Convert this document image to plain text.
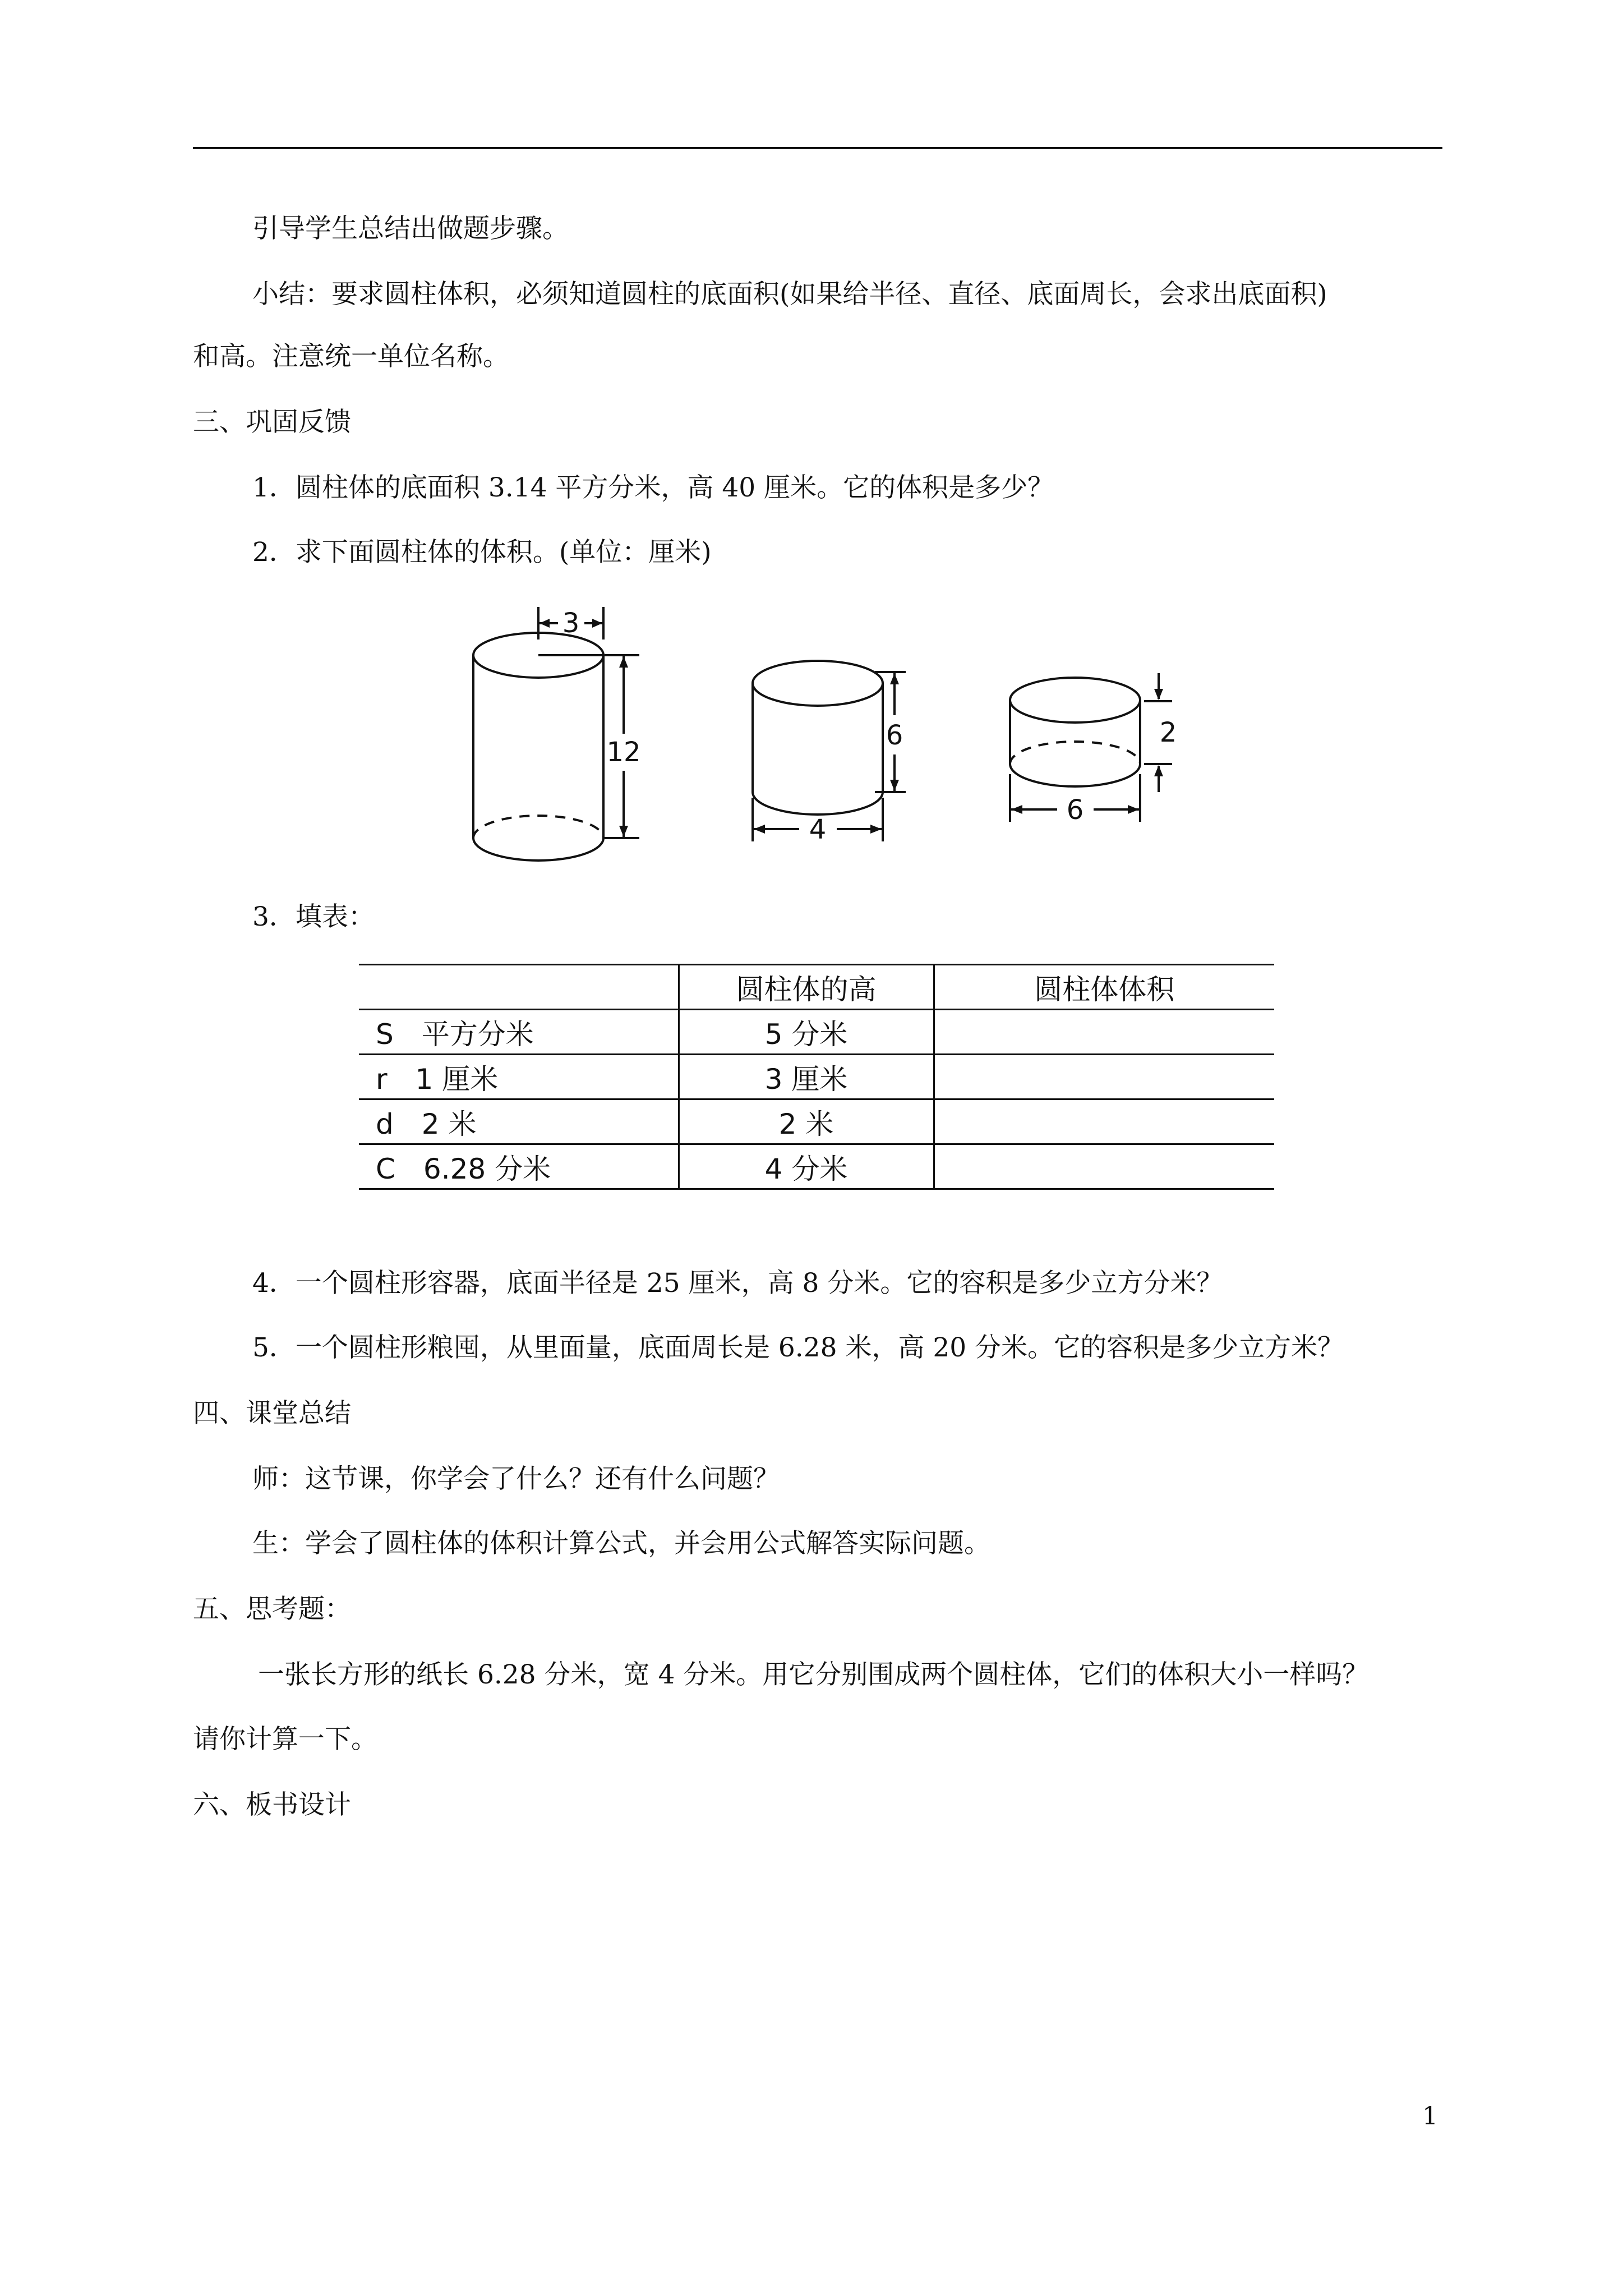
引导学生总结出做题步骤。
小结：要求圆柱体积，必须知道圆柱的底面积(如果给半径、直径、底面周长，会求出底面积)
和高。注意统一单位名称。
三、巩固反馈
1．圆柱体的底面积 3.14 平方分米，高 40 厘米。它的体积是多少？
2．求下面圆柱体的体积。(单位：厘米)
3
12
6
4
2
6
3．填表：
	圆柱体的高	圆柱体体积
S　平方分米	5 分米	
r　1 厘米	3 厘米	
d　2 米	2 米	
C　6.28 分米	4 分米	
4．一个圆柱形容器，底面半径是 25 厘米，高 8 分米。它的容积是多少立方分米？
5．一个圆柱形粮囤，从里面量，底面周长是 6.28 米，高 20 分米。它的容积是多少立方米？
四、课堂总结
师：这节课，你学会了什么？还有什么问题？
生：学会了圆柱体的体积计算公式，并会用公式解答实际问题。
五、思考题：
一张长方形的纸长 6.28 分米，宽 4 分米。用它分别围成两个圆柱体，它们的体积大小一样吗？
请你计算一下。
六、板书设计
1
